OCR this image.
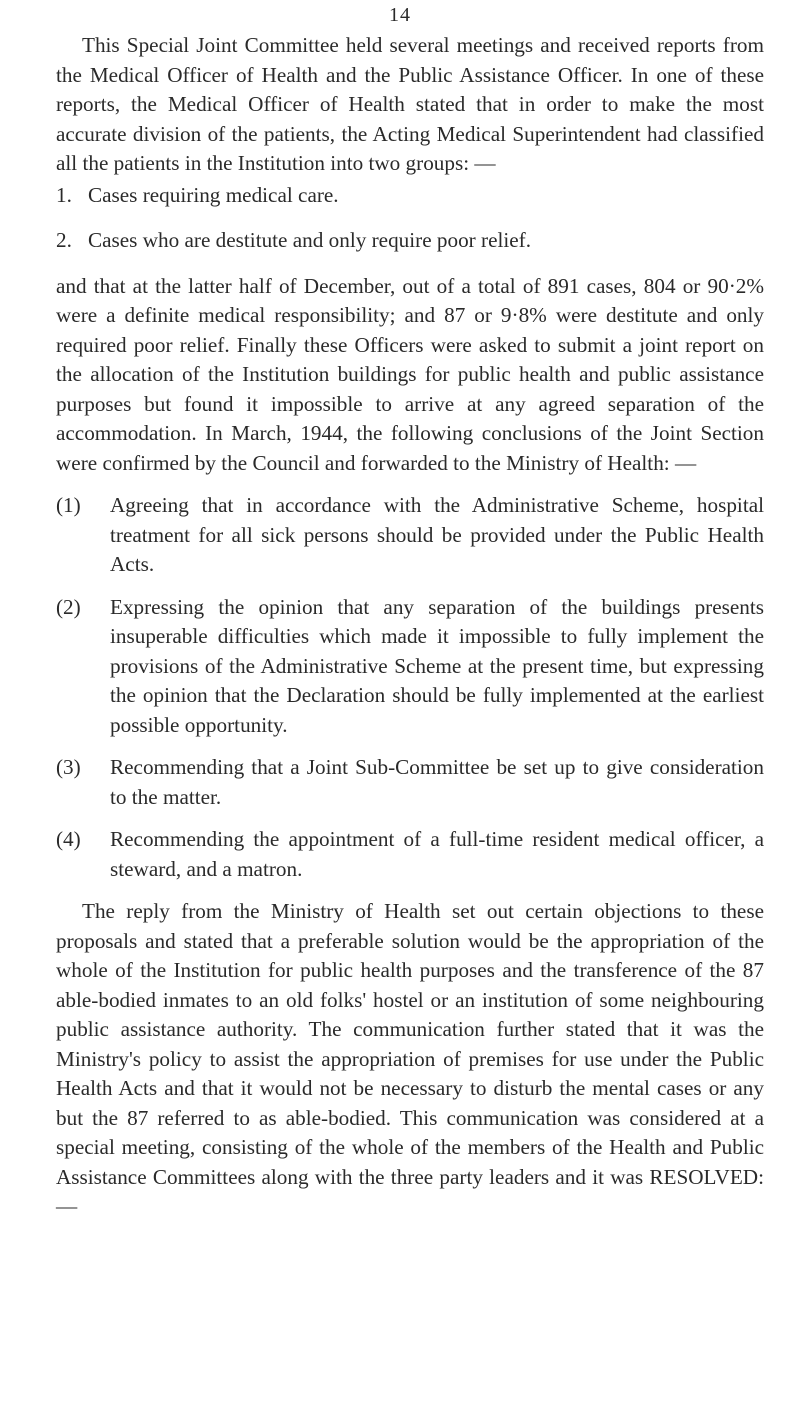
14

This Special Joint Committee held several meetings and received reports from the Medical Officer of Health and the Public Assistance Officer. In one of these reports, the Medical Officer of Health stated that in order to make the most accurate division of the patients, the Acting Medical Superintendent had classified all the patients in the Institution into two groups: —

1. Cases requiring medical care.
2. Cases who are destitute and only require poor relief.

and that at the latter half of December, out of a total of 891 cases, 804 or 90·2% were a definite medical responsibility; and 87 or 9·8% were destitute and only required poor relief. Finally these Officers were asked to submit a joint report on the allocation of the Institution buildings for public health and public assistance purposes but found it impossible to arrive at any agreed separation of the accommodation. In March, 1944, the following conclusions of the Joint Section were confirmed by the Council and forwarded to the Ministry of Health: —

(1)	Agreeing that in accordance with the Administrative Scheme, hospital treatment for all sick persons should be provided under the Public Health Acts.
(2)	Expressing the opinion that any separation of the buildings presents insuperable difficulties which made it impossible to fully implement the provisions of the Administrative Scheme at the present time, but expressing the opinion that the Declaration should be fully implemented at the earliest possible opportunity.
(3)	Recommending that a Joint Sub-Committee be set up to give consideration to the matter.
(4)	Recommending the appointment of a full-time resident medical officer, a steward, and a matron.

The reply from the Ministry of Health set out certain objections to these proposals and stated that a preferable solution would be the appropriation of the whole of the Institution for public health purposes and the transference of the 87 able-bodied inmates to an old folks' hostel or an institution of some neighbouring public assistance authority. The communication further stated that it was the Ministry's policy to assist the appropriation of premises for use under the Public Health Acts and that it would not be necessary to disturb the mental cases or any but the 87 referred to as able-bodied. This communication was considered at a special meeting, consisting of the whole of the members of the Health and Public Assistance Committees along with the three party leaders and it was RESOLVED: —
